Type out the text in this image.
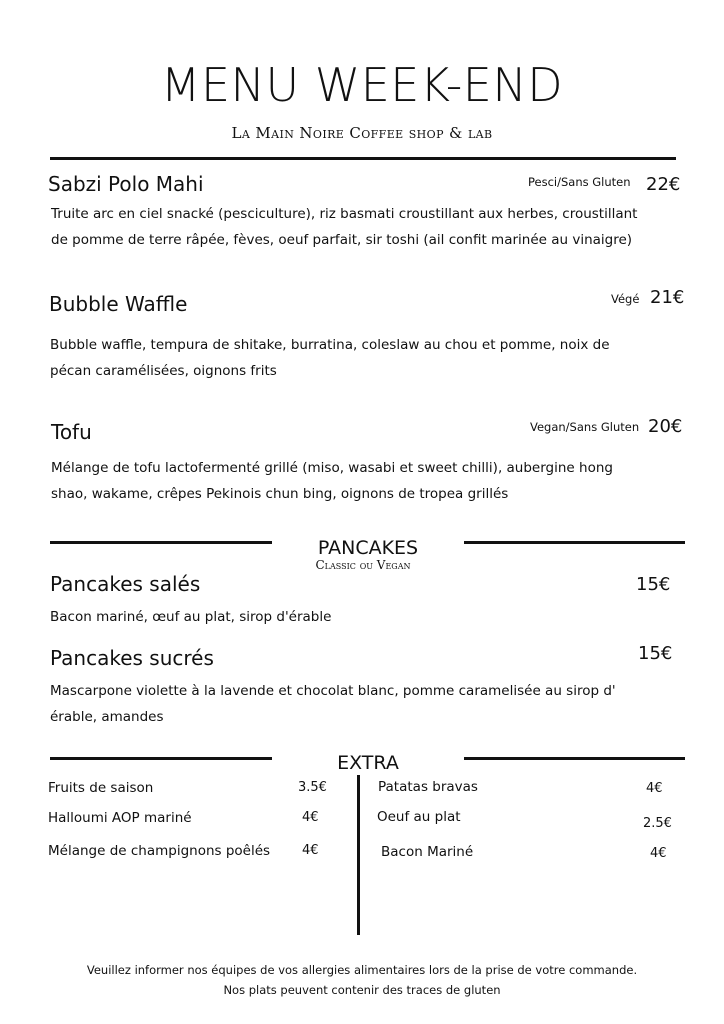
MENU WEEK-END
La Main Noire Coffee shop & lab
Sabzi Polo Mahi	Pesci/Sans Gluten 22€
Truite arc en ciel snacké (pesciculture), riz basmati croustillant aux herbes, croustillant de pomme de terre râpée, fèves, oeuf parfait, sir toshi (ail confit marinée au vinaigre)
Bubble Waffle	Végé 21€
Bubble waffle, tempura de shitake, burratina, coleslaw au chou et pomme, noix de pécan caramélisées, oignons frits
Tofu	Vegan/Sans Gluten 20€
Mélange de tofu lactofermenté grillé (miso, wasabi et sweet chilli), aubergine hong shao, wakame, crêpes Pekinois chun bing, oignons de tropea grillés
PANCAKES
Classic ou Vegan
Pancakes salés	15€
Bacon mariné, œuf au plat, sirop d'érable
Pancakes sucrés	15€
Mascarpone violette à la lavende et chocolat blanc, pomme caramelisée au sirop d' érable, amandes
EXTRA
Fruits de saison	3.5€
Halloumi AOP mariné	4€
Mélange de champignons poêlés 4€
Patatas bravas	4€
Oeuf au plat	2.5€
Bacon Mariné	4€
Veuillez informer nos équipes de vos allergies alimentaires lors de la prise de votre commande.
Nos plats peuvent contenir des traces de gluten
